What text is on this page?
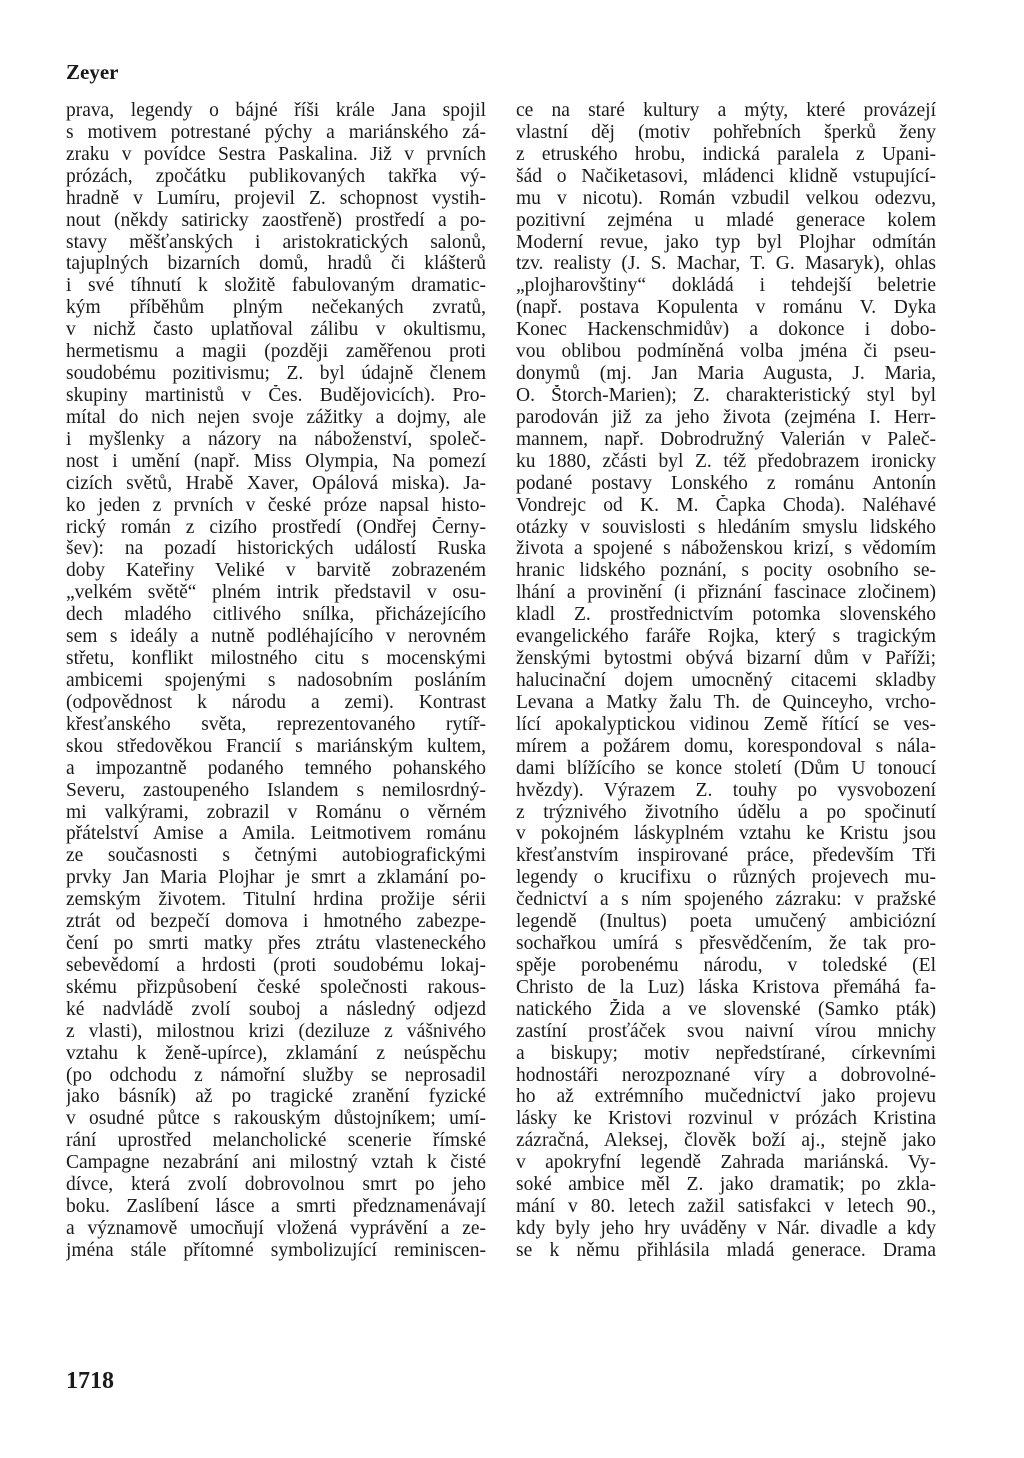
Zeyer
prava, legendy o bájné říši krále Jana spojil
s motivem potrestané pýchy a mariánského zá-
zraku v povídce Sestra Paskalina. Již v prvních
prózách, zpočátku publikovaných takřka vý-
hradně v Lumíru, projevil Z. schopnost vystih-
nout (někdy satiricky zaostřeně) prostředí a po-
stavy měšťanských i aristokratických salonů,
tajuplných bizarních domů, hradů či klášterů
i své tíhnutí k složitě fabulovaným dramatic-
kým příběhům plným nečekaných zvratů,
v nichž často uplatňoval zálibu v okultismu,
hermetismu a magii (později zaměřenou proti
soudobému pozitivismu; Z. byl údajně členem
skupiny martinistů v Čes. Budějovicích). Pro-
mítal do nich nejen svoje zážitky a dojmy, ale
i myšlenky a názory na náboženství, společ-
nost i umění (např. Miss Olympia, Na pomezí
cizích světů, Hrabě Xaver, Opálová miska). Ja-
ko jeden z prvních v české próze napsal histo-
rický román z cizího prostředí (Ondřej Černy-
šev): na pozadí historických událostí Ruska
doby Kateřiny Veliké v barvitě zobrazeném
„velkém světě“ plném intrik představil v osu-
dech mladého citlivého snílka, přicházejícího
sem s ideály a nutně podléhajícího v nerovném
střetu, konflikt milostného citu s mocenskými
ambicemi spojenými s nadosobním posláním
(odpovědnost k národu a zemi). Kontrast
křesťanského světa, reprezentovaného rytíř-
skou středověkou Francií s mariánským kultem,
a impozantně podaného temného pohanského
Severu, zastoupeného Islandem s nemilosrdný-
mi valkýrami, zobrazil v Románu o věrném
přátelství Amise a Amila. Leitmotivem románu
ze současnosti s četnými autobiografickými
prvky Jan Maria Plojhar je smrt a zklamání po-
zemským životem. Titulní hrdina prožije sérii
ztrát od bezpečí domova i hmotného zabezpe-
čení po smrti matky přes ztrátu vlasteneckého
sebevědomí a hrdosti (proti soudobému lokaj-
skému přizpůsobení české společnosti rakous-
ké nadvládě zvolí souboj a následný odjezd
z vlasti), milostnou krizi (deziluze z vášnivého
vztahu k ženě-upírce), zklamání z neúspěchu
(po odchodu z námořní služby se neprosadil
jako básník) až po tragické zranění fyzické
v osudné půtce s rakouským důstojníkem; umí-
rání uprostřed melancholické scenerie římské
Campagne nezabrání ani milostný vztah k čisté
dívce, která zvolí dobrovolnou smrt po jeho
boku. Zaslíbení lásce a smrti předznamenávají
a významově umocňují vložená vyprávění a ze-
jména stále přítomné symbolizující reminiscen-
ce na staré kultury a mýty, které provázejí
vlastní děj (motiv pohřebních šperků ženy
z etruského hrobu, indická paralela z Upani-
šád o Načiketasovi, mládenci klidně vstupující-
mu v nicotu). Román vzbudil velkou odezvu,
pozitivní zejména u mladé generace kolem
Moderní revue, jako typ byl Plojhar odmítán
tzv. realisty (J. S. Machar, T. G. Masaryk), ohlas
„plojharovštiny“ dokládá i tehdejší beletrie
(např. postava Kopulenta v románu V. Dyka
Konec Hackenschmidův) a dokonce i dobo-
vou oblibou podmíněná volba jména či pseu-
donymů (mj. Jan Maria Augusta, J. Maria,
O. Štorch-Marien); Z. charakteristický styl byl
parodován již za jeho života (zejména I. Herr-
mannem, např. Dobrodružný Valerián v Paleč-
ku 1880, zčásti byl Z. též předobrazem ironicky
podané postavy Lonského z románu Antonín
Vondrejc od K. M. Čapka Choda). Naléhavé
otázky v souvislosti s hledáním smyslu lidského
života a spojené s náboženskou krizí, s vědomím
hranic lidského poznání, s pocity osobního se-
lhání a provinění (i přiznání fascinace zločinem)
kladl Z. prostřednictvím potomka slovenského
evangelického faráře Rojka, který s tragickým
ženskými bytostmi obývá bizarní dům v Paříži;
halucinační dojem umocněný citacemi skladby
Levana a Matky žalu Th. de Quinceyho, vrcho-
lící apokalyptickou vidinou Země řítící se ves-
mírem a požárem domu, korespondoval s nála-
dami blížícího se konce století (Dům U tonoucí
hvězdy). Výrazem Z. touhy po vysvobození
z trýznivého životního údělu a po spočinutí
v pokojném láskyplném vztahu ke Kristu jsou
křesťanstvím inspirované práce, především Tři
legendy o krucifixu o různých projevech mu-
čednictví a s ním spojeného zázraku: v pražské
legendě (Inultus) poeta umučený ambiciózní
sochařkou umírá s přesvědčením, že tak pro-
spěje porobenému národu, v toledské (El
Christo de la Luz) láska Kristova přemáhá fa-
natického Žida a ve slovenské (Samko pták)
zastíní prosťáček svou naivní vírou mnichy
a biskupy; motiv nepředstírané, církevními
hodnostáři nerozpoznané víry a dobrovolné-
ho až extrémního mučednictví jako projevu
lásky ke Kristovi rozvinul v prózách Kristina
zázračná, Aleksej, člověk boží aj., stejně jako
v apokryfní legendě Zahrada mariánská. Vy-
soké ambice měl Z. jako dramatik; po zkla-
mání v 80. letech zažil satisfakci v letech 90.,
kdy byly jeho hry uváděny v Nár. divadle a kdy
se k němu přihlásila mladá generace. Drama
1718
